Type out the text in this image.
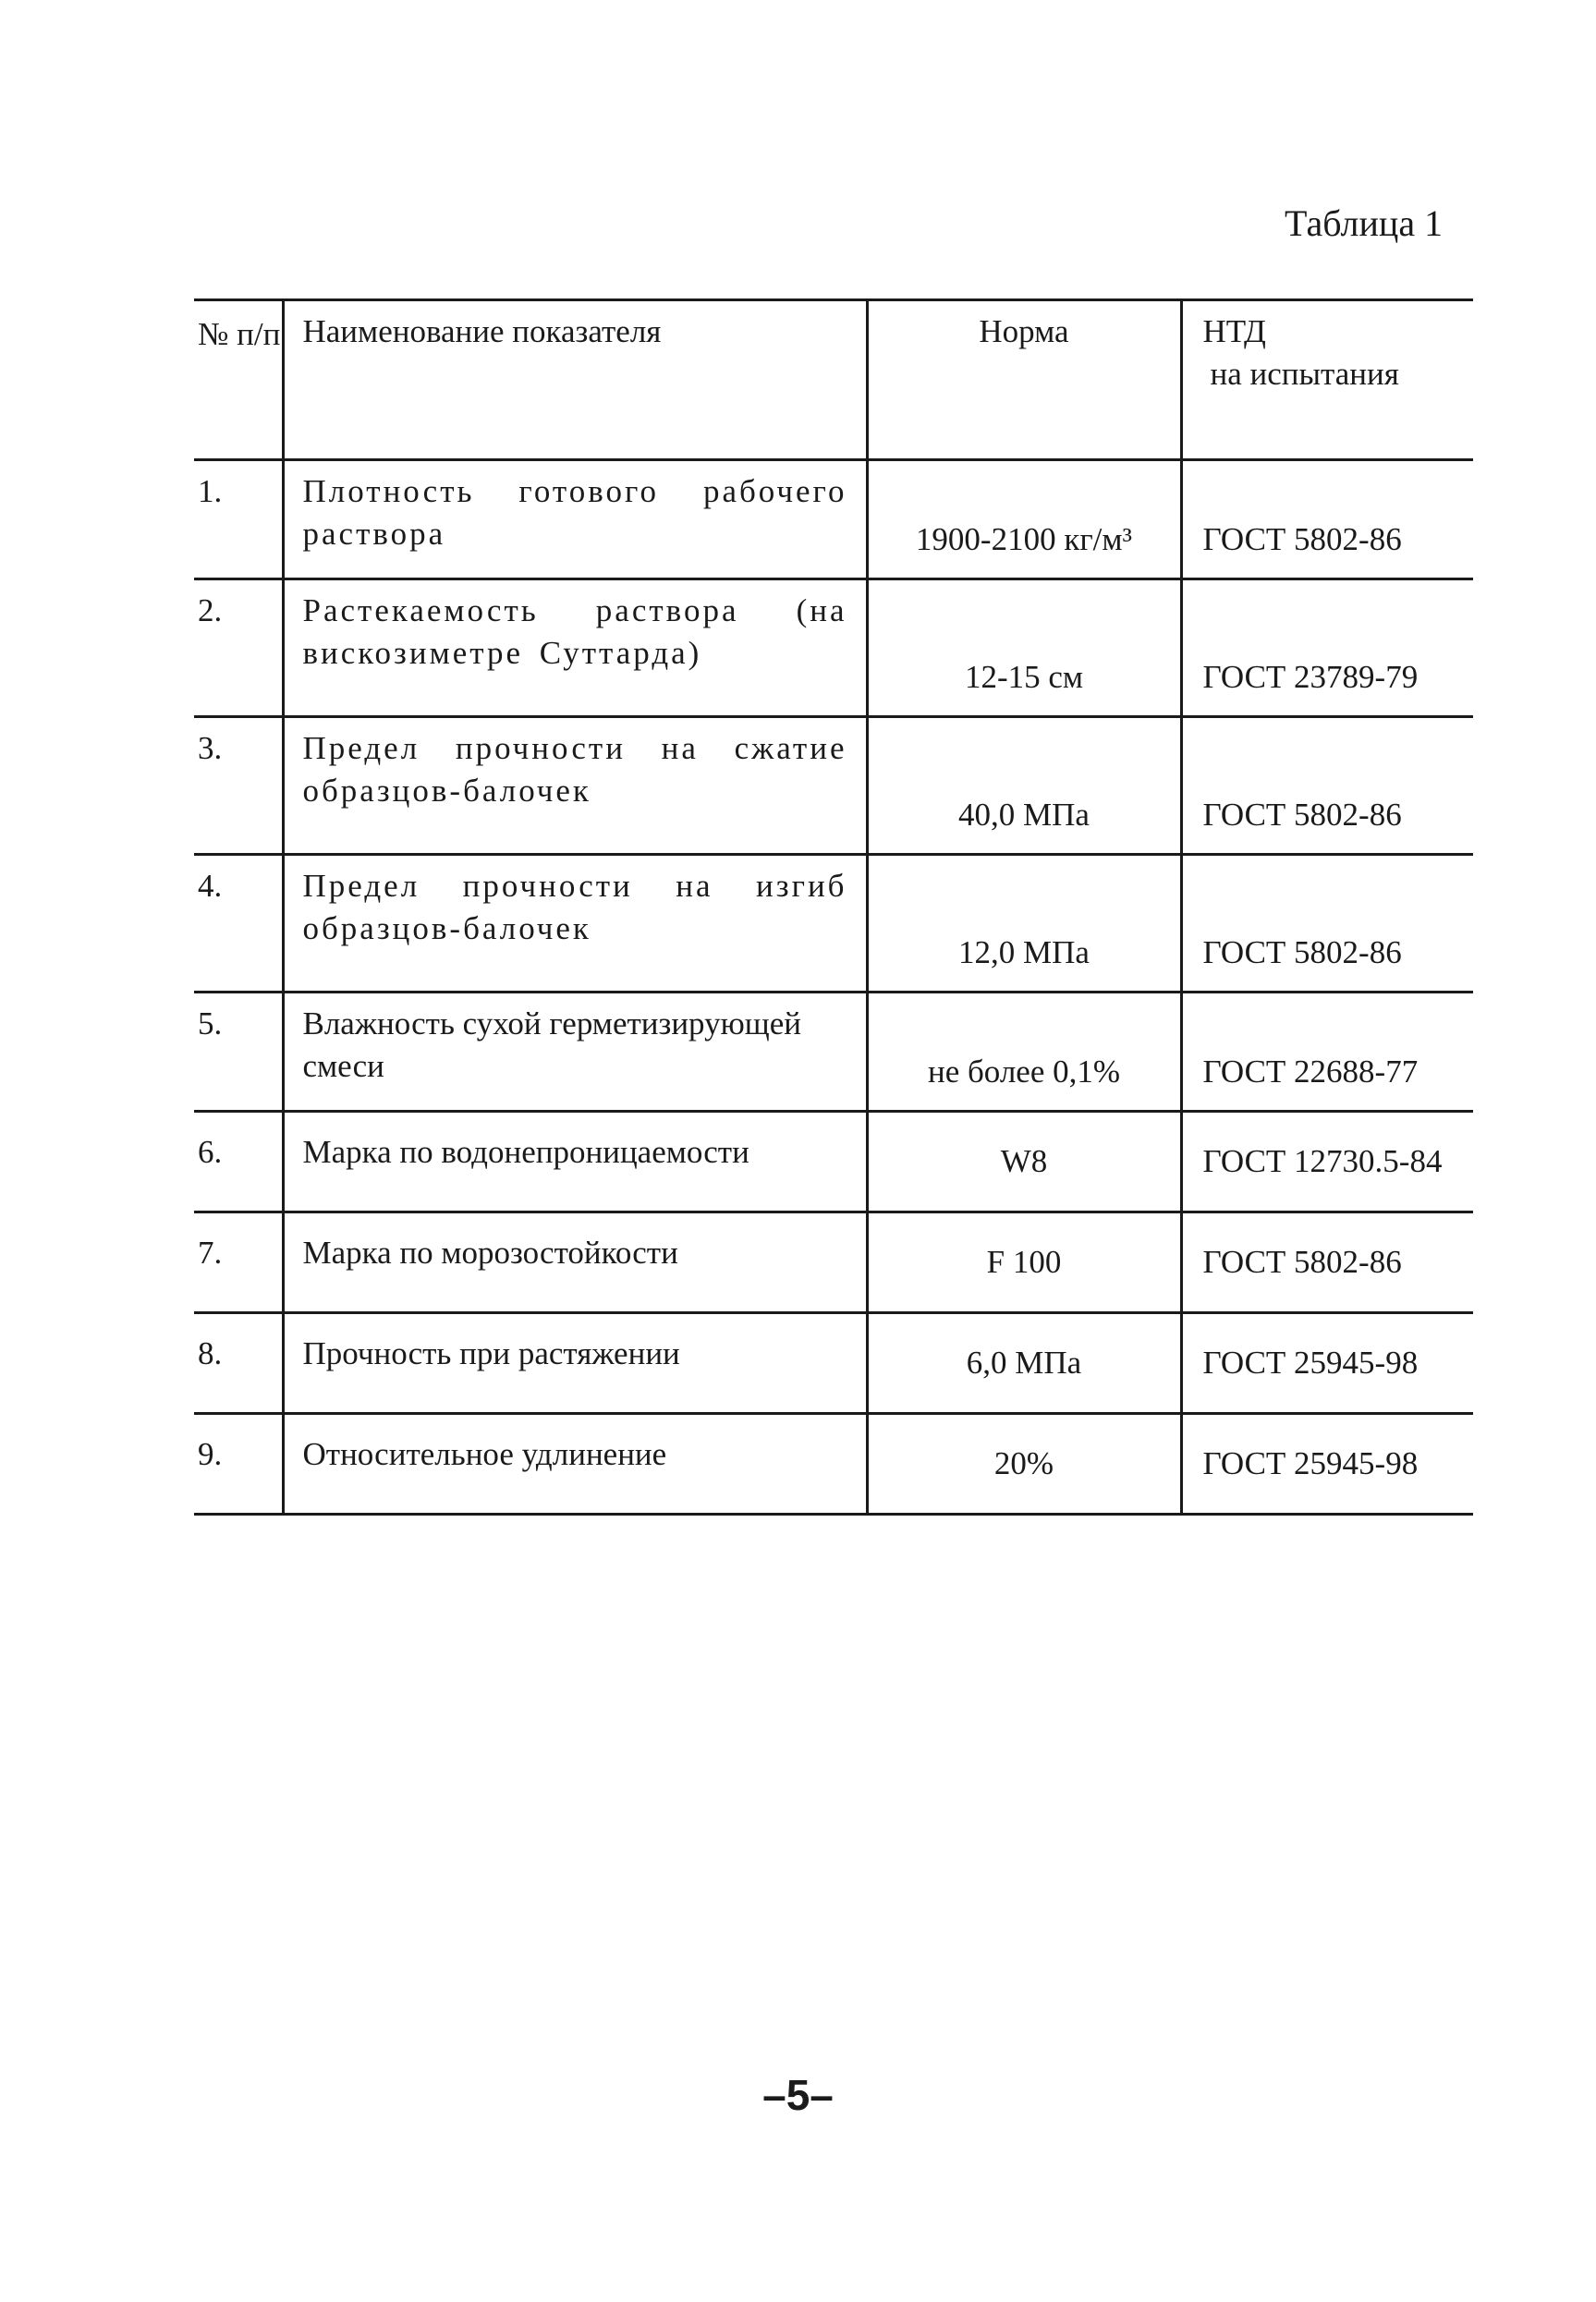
Таблица 1
№ п/п	Наименование показателя	Норма	НТД
на испытания

1.	Плотность готового рабочего раствора	1900-2100 кг/м³	ГОСТ 5802-86
2.	Растекаемость раствора (на вискозиметре Суттарда)	12-15 см	ГОСТ 23789-79
3.	Предел прочности на сжатие образцов-балочек	40,0 МПа	ГОСТ 5802-86
4.	Предел прочности на изгиб образцов-балочек	12,0 МПа	ГОСТ 5802-86
5.	Влажность сухой герметизирующей смеси	не более 0,1%	ГОСТ 22688-77
6.	Марка по водонепроницаемости	W8	ГОСТ 12730.5-84
7.	Марка по морозостойкости	F 100	ГОСТ 5802-86
8.	Прочность при растяжении	6,0 МПа	ГОСТ 25945-98
9.	Относительное удлинение	20%	ГОСТ 25945-98
–5–
